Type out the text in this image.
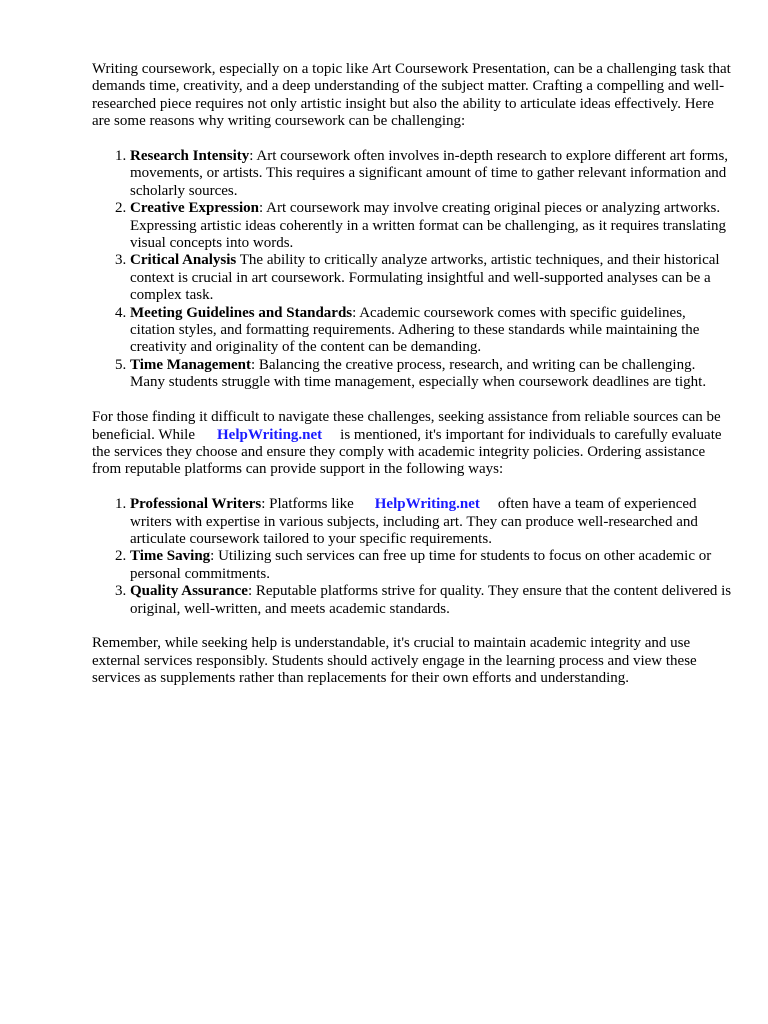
Writing coursework, especially on a topic like Art Coursework Presentation, can be a challenging task that demands time, creativity, and a deep understanding of the subject matter. Crafting a compelling and well-researched piece requires not only artistic insight but also the ability to articulate ideas effectively. Here are some reasons why writing coursework can be challenging:

1. Research Intensity: Art coursework often involves in-depth research to explore different art forms, movements, or artists. This requires a significant amount of time to gather relevant information and scholarly sources.
2. Creative Expression: Art coursework may involve creating original pieces or analyzing artworks. Expressing artistic ideas coherently in a written format can be challenging, as it requires translating visual concepts into words.
3. Critical Analysis The ability to critically analyze artworks, artistic techniques, and their historical context is crucial in art coursework. Formulating insightful and well-supported analyses can be a complex task.
4. Meeting Guidelines and Standards: Academic coursework comes with specific guidelines, citation styles, and formatting requirements. Adhering to these standards while maintaining the creativity and originality of the content can be demanding.
5. Time Management: Balancing the creative process, research, and writing can be challenging. Many students struggle with time management, especially when coursework deadlines are tight.

For those finding it difficult to navigate these challenges, seeking assistance from reliable sources can be beneficial. While HelpWriting.net is mentioned, it's important for individuals to carefully evaluate the services they choose and ensure they comply with academic integrity policies. Ordering assistance from reputable platforms can provide support in the following ways:

1. Professional Writers: Platforms like HelpWriting.net often have a team of experienced writers with expertise in various subjects, including art. They can produce well-researched and articulate coursework tailored to your specific requirements.
2. Time Saving: Utilizing such services can free up time for students to focus on other academic or personal commitments.
3. Quality Assurance: Reputable platforms strive for quality. They ensure that the content delivered is original, well-written, and meets academic standards.

Remember, while seeking help is understandable, it's crucial to maintain academic integrity and use external services responsibly. Students should actively engage in the learning process and view these services as supplements rather than replacements for their own efforts and understanding.
